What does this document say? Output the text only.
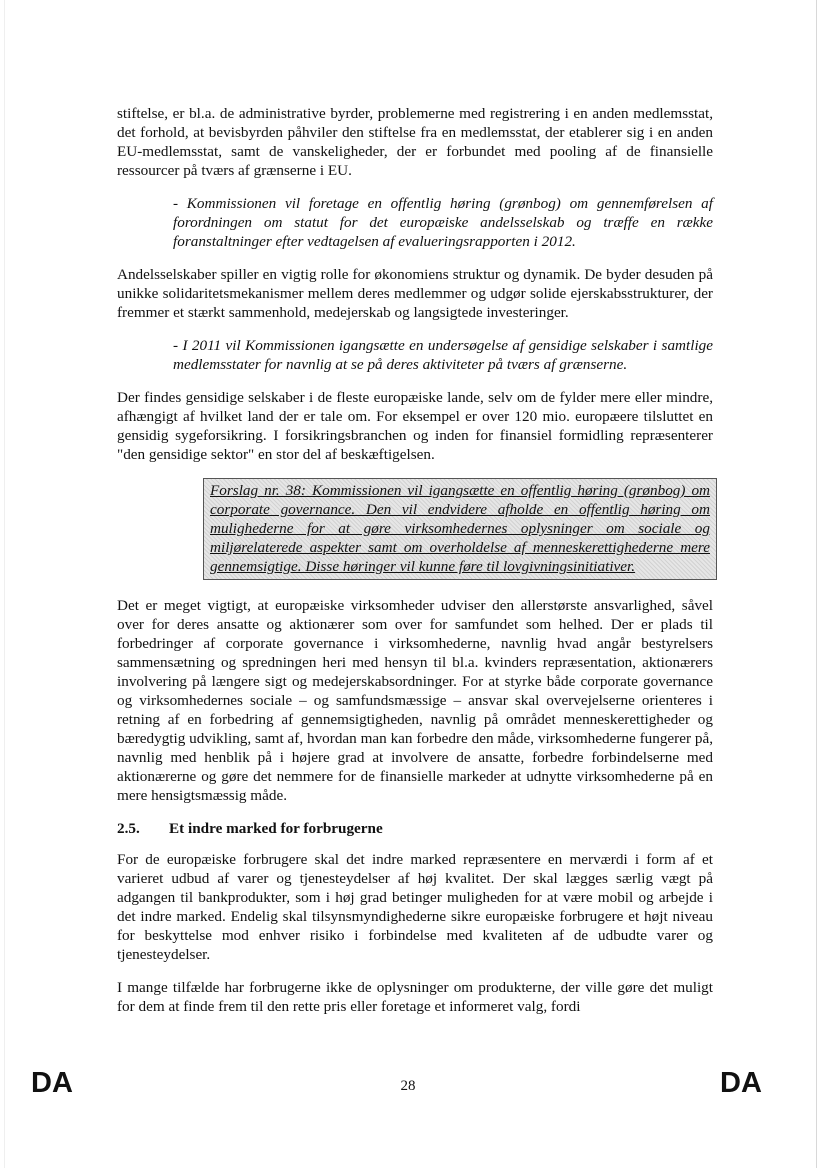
stiftelse, er bl.a. de administrative byrder, problemerne med registrering i en anden medlemsstat, det forhold, at bevisbyrden påhviler den stiftelse fra en medlemsstat, der etablerer sig i en anden EU-medlemsstat, samt de vanskeligheder, der er forbundet med pooling af de finansielle ressourcer på tværs af grænserne i EU.

- Kommissionen vil foretage en offentlig høring (grønbog) om gennemførelsen af forordningen om statut for det europæiske andelsselskab og træffe en række foranstaltninger efter vedtagelsen af evalueringsrapporten i 2012.

Andelsselskaber spiller en vigtig rolle for økonomiens struktur og dynamik. De byder desuden på unikke solidaritetsmekanismer mellem deres medlemmer og udgør solide ejerskabsstrukturer, der fremmer et stærkt sammenhold, medejerskab og langsigtede investeringer.

- I 2011 vil Kommissionen igangsætte en undersøgelse af gensidige selskaber i samtlige medlemsstater for navnlig at se på deres aktiviteter på tværs af grænserne.

Der findes gensidige selskaber i de fleste europæiske lande, selv om de fylder mere eller mindre, afhængigt af hvilket land der er tale om. For eksempel er over 120 mio. europæere tilsluttet en gensidig sygeforsikring. I forsikringsbranchen og inden for finansiel formidling repræsenterer "den gensidige sektor" en stor del af beskæftigelsen.

Forslag nr. 38: Kommissionen vil igangsætte en offentlig høring (grønbog) om corporate governance. Den vil endvidere afholde en offentlig høring om mulighederne for at gøre virksomhedernes oplysninger om sociale og miljørelaterede aspekter samt om overholdelse af menneskerettighederne mere gennemsigtige. Disse høringer vil kunne føre til lovgivningsinitiativer.

Det er meget vigtigt, at europæiske virksomheder udviser den allerstørste ansvarlighed, såvel over for deres ansatte og aktionærer som over for samfundet som helhed. Der er plads til forbedringer af corporate governance i virksomhederne, navnlig hvad angår bestyrelsers sammensætning og spredningen heri med hensyn til bl.a. kvinders repræsentation, aktionærers involvering på længere sigt og medejerskabsordninger. For at styrke både corporate governance og virksomhedernes sociale – og samfundsmæssige – ansvar skal overvejelserne orienteres i retning af en forbedring af gennemsigtigheden, navnlig på området menneskerettigheder og bæredygtig udvikling, samt af, hvordan man kan forbedre den måde, virksomhederne fungerer på, navnlig med henblik på i højere grad at involvere de ansatte, forbedre forbindelserne med aktionærerne og gøre det nemmere for de finansielle markeder at udnytte virksomhederne på en mere hensigtsmæssig måde.

2.5.	Et indre marked for forbrugerne

For de europæiske forbrugere skal det indre marked repræsentere en merværdi i form af et varieret udbud af varer og tjenesteydelser af høj kvalitet. Der skal lægges særlig vægt på adgangen til bankprodukter, som i høj grad betinger muligheden for at være mobil og arbejde i det indre marked. Endelig skal tilsynsmyndighederne sikre europæiske forbrugere et højt niveau for beskyttelse mod enhver risiko i forbindelse med kvaliteten af de udbudte varer og tjenesteydelser.

I mange tilfælde har forbrugerne ikke de oplysninger om produkterne, der ville gøre det muligt for dem at finde frem til den rette pris eller foretage et informeret valg, fordi

DA	28	DA
